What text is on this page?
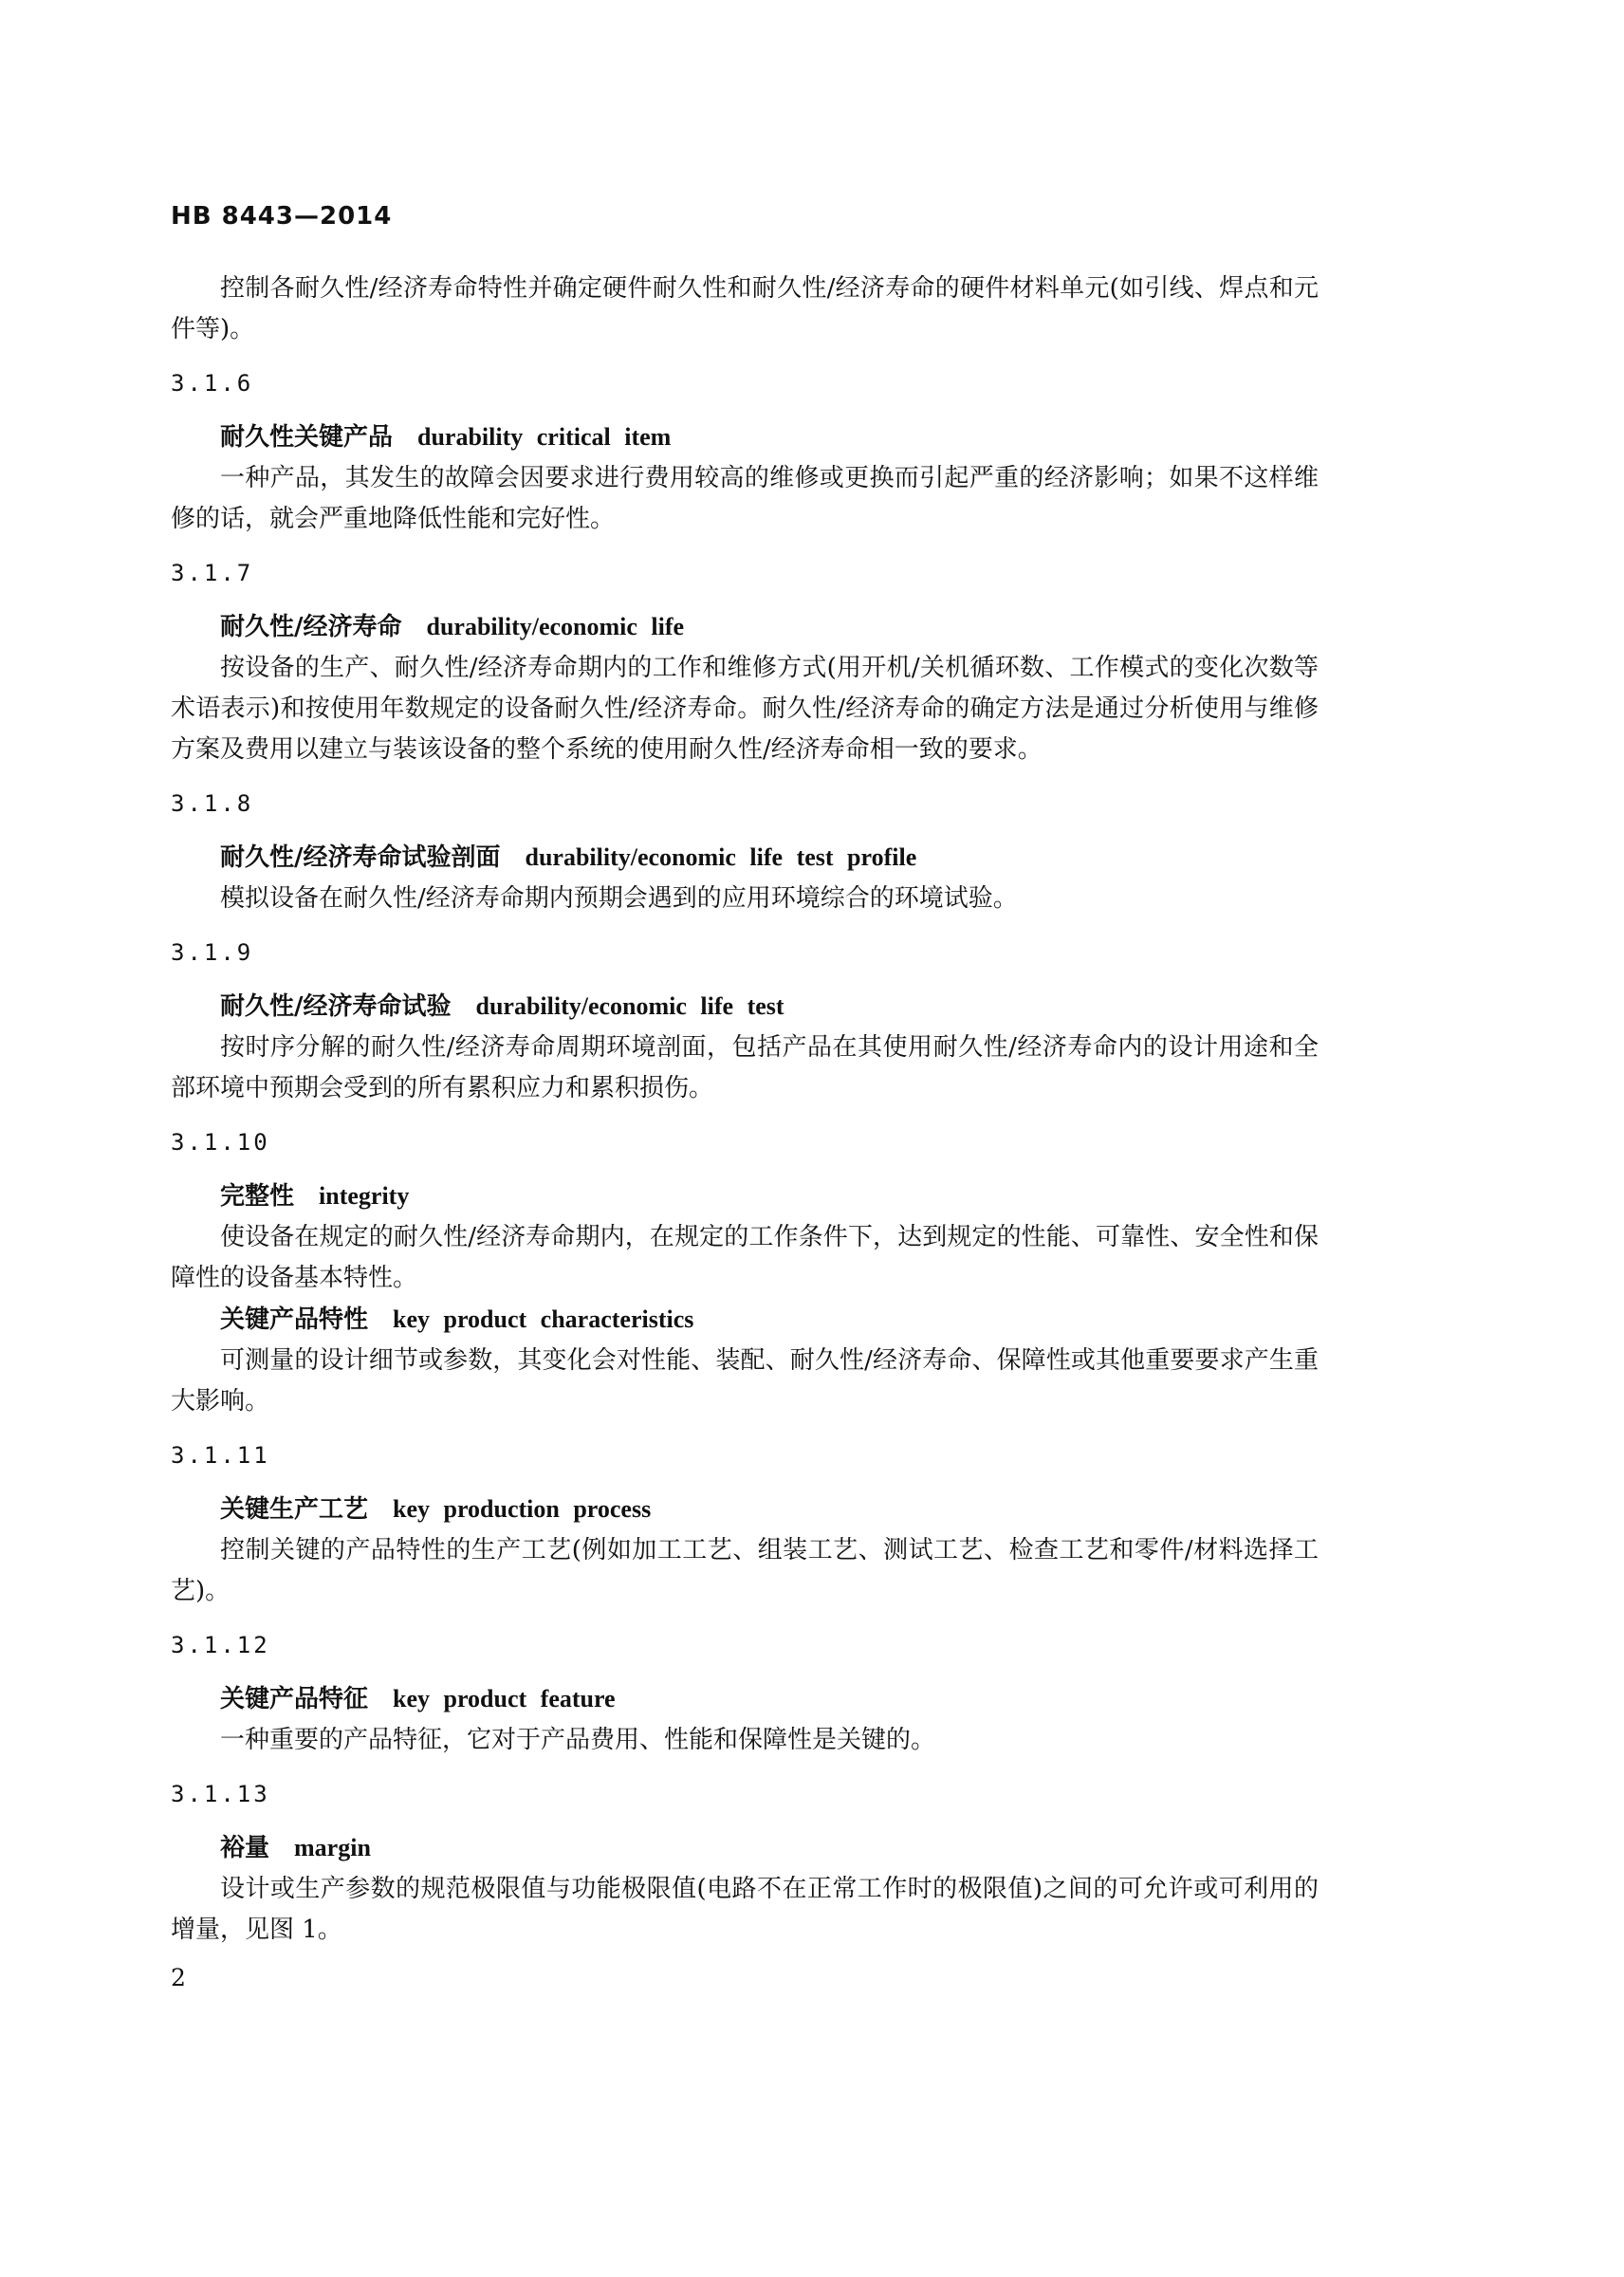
HB 8443—2014

控制各耐久性/经济寿命特性并确定硬件耐久性和耐久性/经济寿命的硬件材料单元(如引线、焊点和元件等)。

3.1.6

耐久性关键产品 durability critical item

一种产品，其发生的故障会因要求进行费用较高的维修或更换而引起严重的经济影响；如果不这样维修的话，就会严重地降低性能和完好性。

3.1.7

耐久性/经济寿命 durability/economic life

按设备的生产、耐久性/经济寿命期内的工作和维修方式(用开机/关机循环数、工作模式的变化次数等术语表示)和按使用年数规定的设备耐久性/经济寿命。耐久性/经济寿命的确定方法是通过分析使用与维修方案及费用以建立与装该设备的整个系统的使用耐久性/经济寿命相一致的要求。

3.1.8

耐久性/经济寿命试验剖面 durability/economic life test profile

模拟设备在耐久性/经济寿命期内预期会遇到的应用环境综合的环境试验。

3.1.9

耐久性/经济寿命试验 durability/economic life test

按时序分解的耐久性/经济寿命周期环境剖面，包括产品在其使用耐久性/经济寿命内的设计用途和全部环境中预期会受到的所有累积应力和累积损伤。

3.1.10

完整性 integrity

使设备在规定的耐久性/经济寿命期内，在规定的工作条件下，达到规定的性能、可靠性、安全性和保障性的设备基本特性。

关键产品特性 key product characteristics

可测量的设计细节或参数，其变化会对性能、装配、耐久性/经济寿命、保障性或其他重要要求产生重大影响。

3.1.11

关键生产工艺 key production process

控制关键的产品特性的生产工艺(例如加工工艺、组装工艺、测试工艺、检查工艺和零件/材料选择工艺)。

3.1.12

关键产品特征 key product feature

一种重要的产品特征，它对于产品费用、性能和保障性是关键的。

3.1.13

裕量 margin

设计或生产参数的规范极限值与功能极限值(电路不在正常工作时的极限值)之间的可允许或可利用的增量，见图 1。

2
